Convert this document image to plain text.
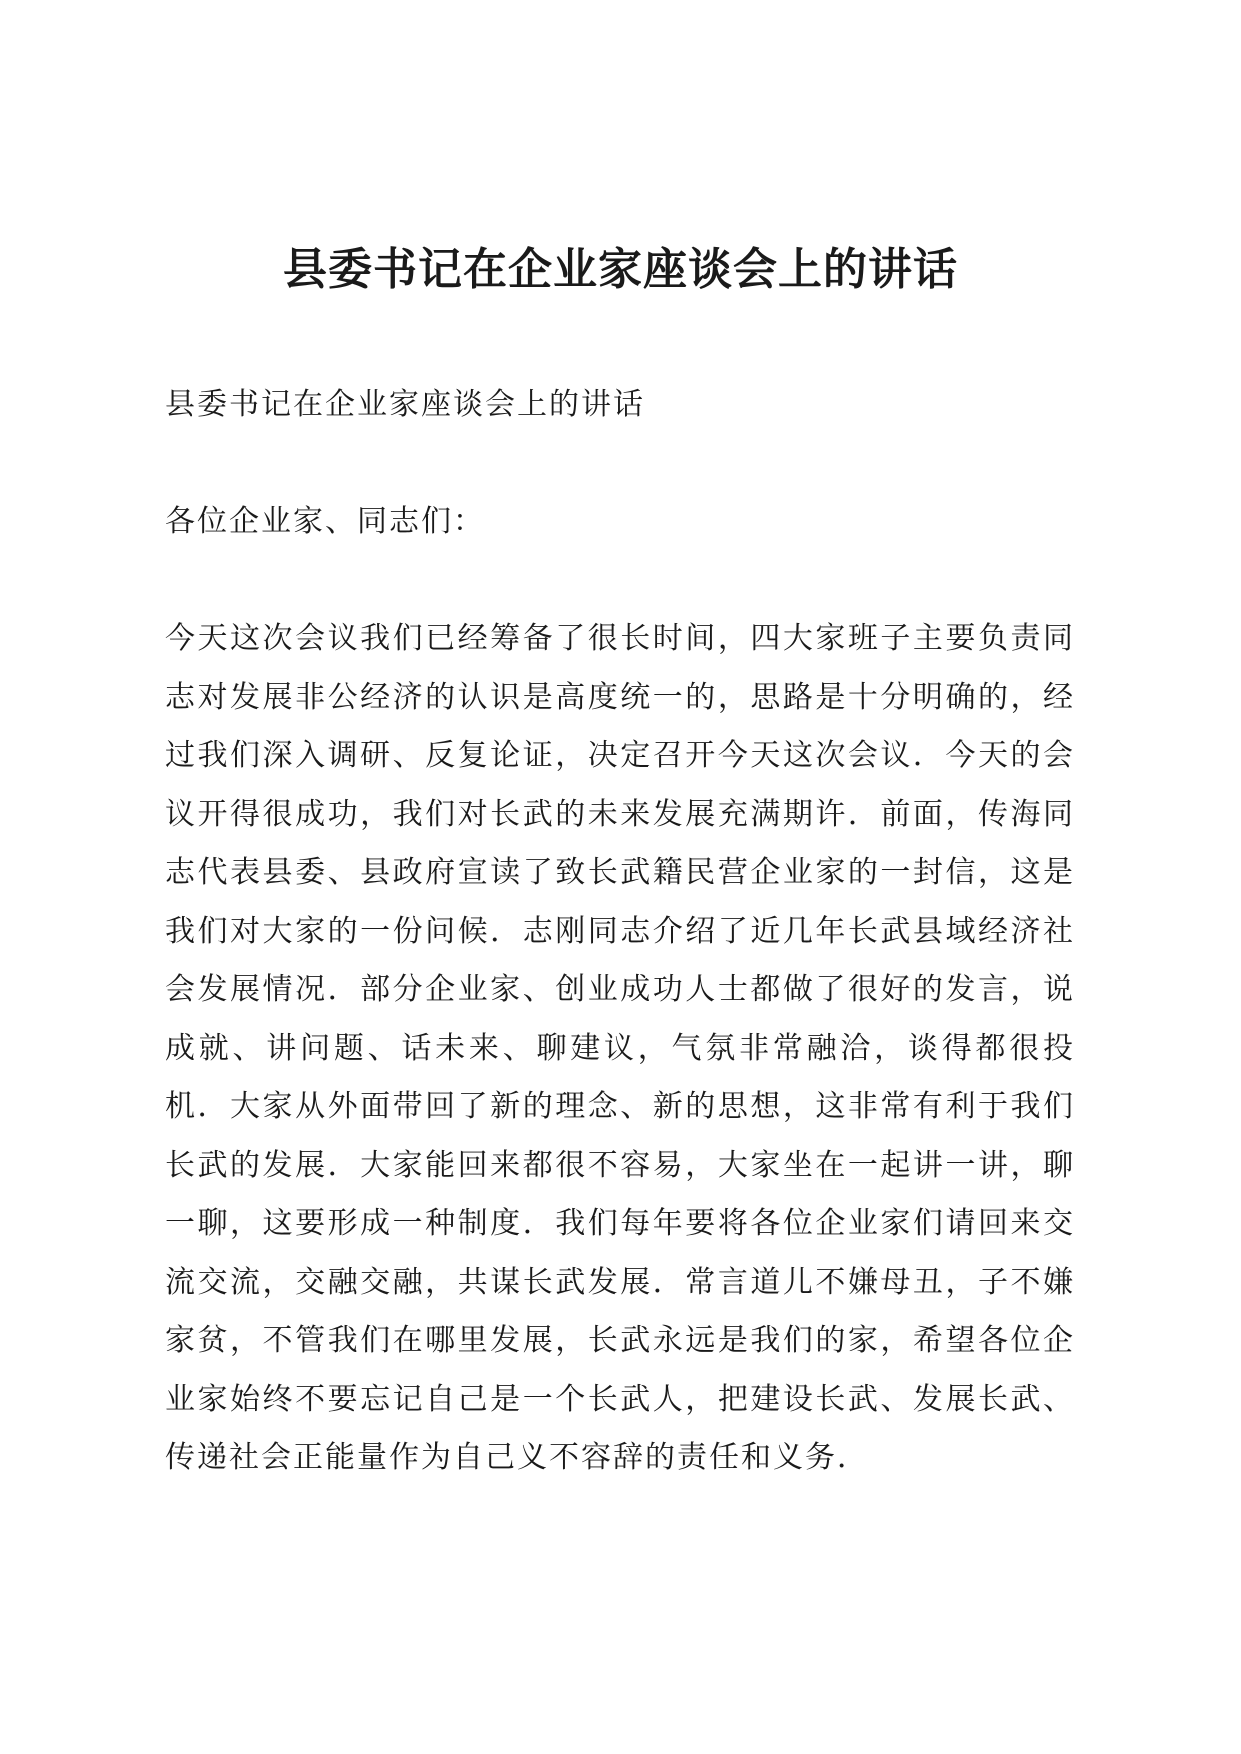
县委书记在企业家座谈会上的讲话

县委书记在企业家座谈会上的讲话

各位企业家、同志们：

今天这次会议我们已经筹备了很长时间，四大家班子主要负责同志对发展非公经济的认识是高度统一的，思路是十分明确的，经过我们深入调研、反复论证，决定召开今天这次会议．今天的会议开得很成功，我们对长武的未来发展充满期许．前面，传海同志代表县委、县政府宣读了致长武籍民营企业家的一封信，这是我们对大家的一份问候．志刚同志介绍了近几年长武县域经济社会发展情况．部分企业家、创业成功人士都做了很好的发言，说成就、讲问题、话未来、聊建议，气氛非常融洽，谈得都很投机．大家从外面带回了新的理念、新的思想，这非常有利于我们长武的发展．大家能回来都很不容易，大家坐在一起讲一讲，聊一聊，这要形成一种制度．我们每年要将各位企业家们请回来交流交流，交融交融，共谋长武发展．常言道儿不嫌母丑，子不嫌家贫，不管我们在哪里发展，长武永远是我们的家，希望各位企业家始终不要忘记自己是一个长武人，把建设长武、发展长武、传递社会正能量作为自己义不容辞的责任和义务．
